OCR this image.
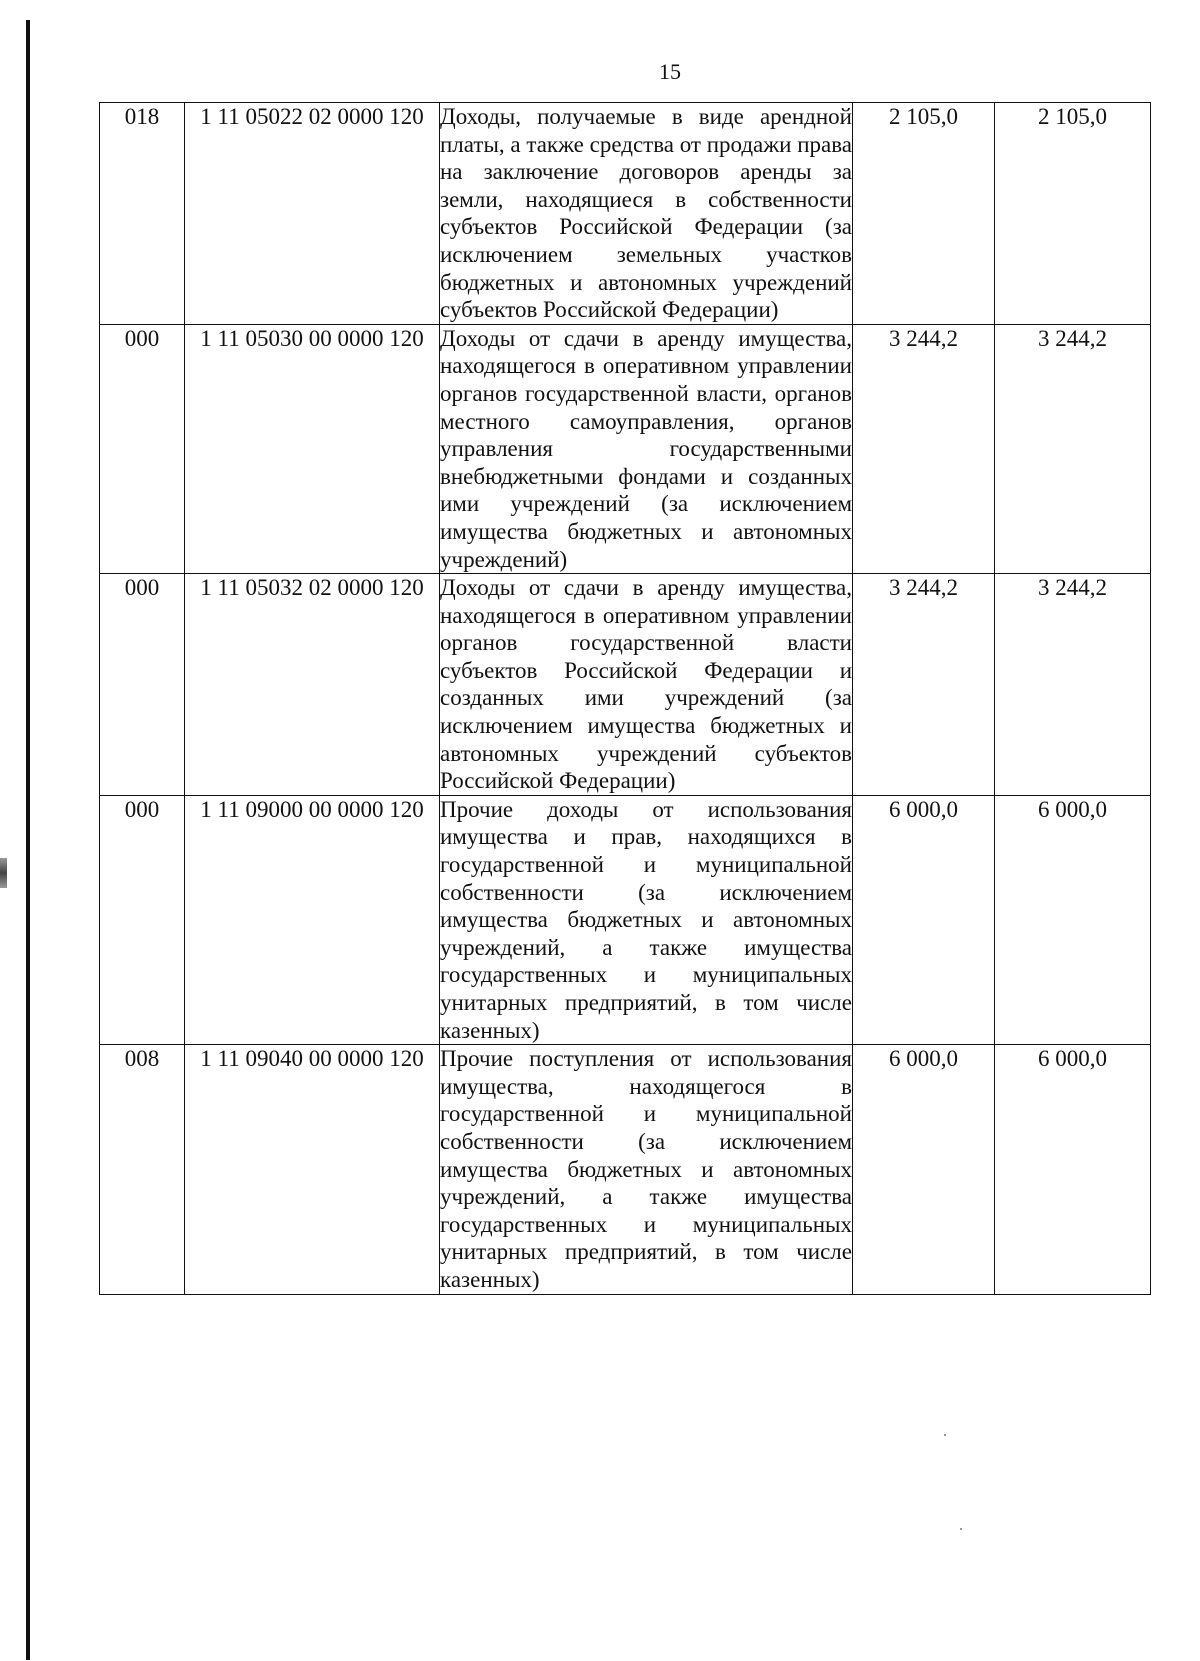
15
018	1 11 05022 02 0000 120	Доходы, получаемые в виде арендной платы, а также средства от продажи права на заключение договоров аренды за земли, находящиеся в собственности субъектов Российской Федерации (за исключением земельных участков бюджетных и автономных учреждений субъектов Российской Федерации)	2 105,0	2 105,0
000	1 11 05030 00 0000 120	Доходы от сдачи в аренду имущества, находящегося в оперативном управлении органов государственной власти, органов местного самоуправления, органов управления государственными внебюджетными фондами и созданных ими учреждений (за исключением имущества бюджетных и автономных учреждений)	3 244,2	3 244,2
000	1 11 05032 02 0000 120	Доходы от сдачи в аренду имущества, находящегося в оперативном управлении органов государственной власти субъектов Российской Федерации и созданных ими учреждений (за исключением имущества бюджетных и автономных учреждений субъектов Российской Федерации)	3 244,2	3 244,2
000	1 11 09000 00 0000 120	Прочие доходы от использования имущества и прав, находящихся в государственной и муниципальной собственности (за исключением имущества бюджетных и автономных учреждений, а также имущества государственных и муниципальных унитарных предприятий, в том числе казенных)	6 000,0	6 000,0
008	1 11 09040 00 0000 120	Прочие поступления от использования имущества, находящегося в государственной и муниципальной собственности (за исключением имущества бюджетных и автономных учреждений, а также имущества государственных и муниципальных унитарных предприятий, в том числе казенных)	6 000,0	6 000,0
